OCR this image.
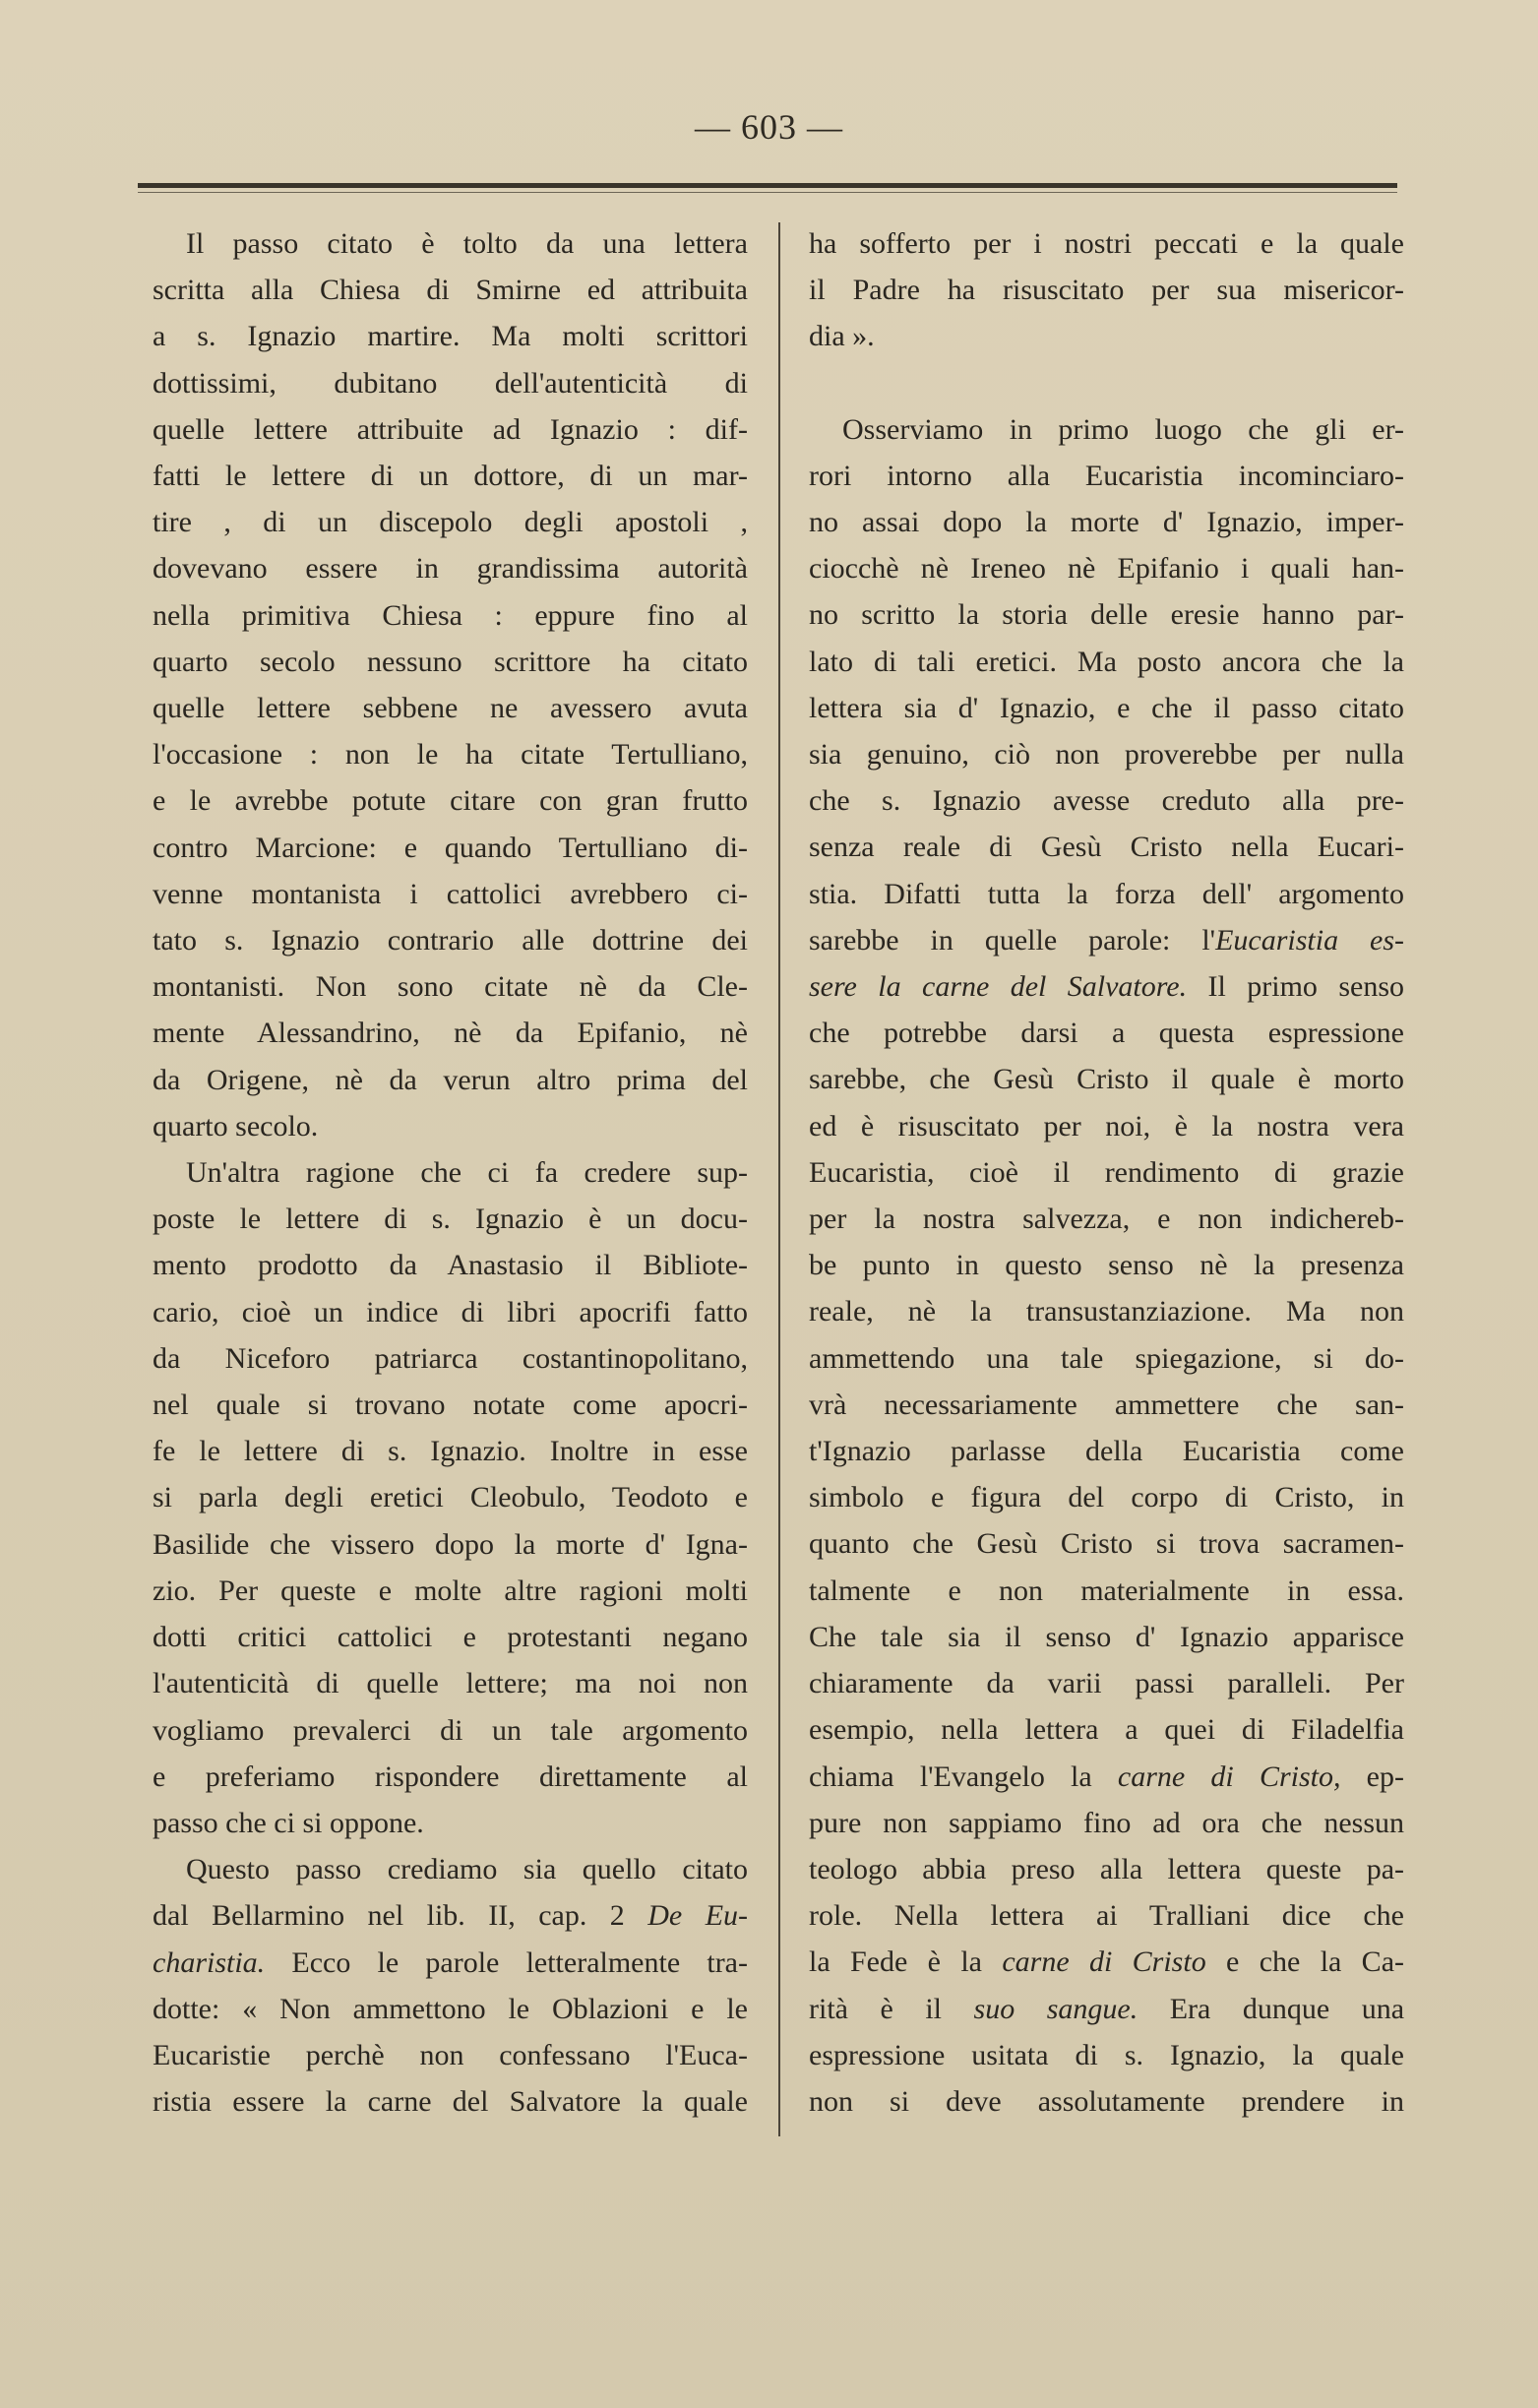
— 603 —
Il passo citato è tolto da una lettera
scritta alla Chiesa di Smirne ed attribuita
a s. Ignazio martire. Ma molti scrittori
dottissimi, dubitano dell'autenticità di
quelle lettere attribuite ad Ignazio : dif-
fatti le lettere di un dottore, di un mar-
tire , di un discepolo degli apostoli ,
dovevano essere in grandissima autorità
nella primitiva Chiesa : eppure fino al
quarto secolo nessuno scrittore ha citato
quelle lettere sebbene ne avessero avuta
l'occasione : non le ha citate Tertulliano,
e le avrebbe potute citare con gran frutto
contro Marcione: e quando Tertulliano di-
venne montanista i cattolici avrebbero ci-
tato s. Ignazio contrario alle dottrine dei
montanisti. Non sono citate nè da Cle-
mente Alessandrino, nè da Epifanio, nè
da Origene, nè da verun altro prima del
quarto secolo.
Un'altra ragione che ci fa credere sup-
poste le lettere di s. Ignazio è un docu-
mento prodotto da Anastasio il Bibliote-
cario, cioè un indice di libri apocrifi fatto
da Niceforo patriarca costantinopolitano,
nel quale si trovano notate come apocri-
fe le lettere di s. Ignazio. Inoltre in esse
si parla degli eretici Cleobulo, Teodoto e
Basilide che vissero dopo la morte d' Igna-
zio. Per queste e molte altre ragioni molti
dotti critici cattolici e protestanti negano
l'autenticità di quelle lettere; ma noi non
vogliamo prevalerci di un tale argomento
e preferiamo rispondere direttamente al
passo che ci si oppone.
Questo passo crediamo sia quello citato
dal Bellarmino nel lib. II, cap. 2 De Eu-
charistia. Ecco le parole letteralmente tra-
dotte: « Non ammettono le Oblazioni e le
Eucaristie perchè non confessano l'Euca-
ristia essere la carne del Salvatore la quale
ha sofferto per i nostri peccati e la quale
il Padre ha risuscitato per sua misericor-
dia ».
Osserviamo in primo luogo che gli er-
rori intorno alla Eucaristia incominciaro-
no assai dopo la morte d' Ignazio, imper-
ciocchè nè Ireneo nè Epifanio i quali han-
no scritto la storia delle eresie hanno par-
lato di tali eretici. Ma posto ancora che la
lettera sia d' Ignazio, e che il passo citato
sia genuino, ciò non proverebbe per nulla
che s. Ignazio avesse creduto alla pre-
senza reale di Gesù Cristo nella Eucari-
stia. Difatti tutta la forza dell' argomento
sarebbe in quelle parole: l'Eucaristia es-
sere la carne del Salvatore. Il primo senso
che potrebbe darsi a questa espressione
sarebbe, che Gesù Cristo il quale è morto
ed è risuscitato per noi, è la nostra vera
Eucaristia, cioè il rendimento di grazie
per la nostra salvezza, e non indichereb-
be punto in questo senso nè la presenza
reale, nè la transustanziazione. Ma non
ammettendo una tale spiegazione, si do-
vrà necessariamente ammettere che san-
t'Ignazio parlasse della Eucaristia come
simbolo e figura del corpo di Cristo, in
quanto che Gesù Cristo si trova sacramen-
talmente e non materialmente in essa.
Che tale sia il senso d' Ignazio apparisce
chiaramente da varii passi paralleli. Per
esempio, nella lettera a quei di Filadelfia
chiama l'Evangelo la carne di Cristo, ep-
pure non sappiamo fino ad ora che nessun
teologo abbia preso alla lettera queste pa-
role. Nella lettera ai Tralliani dice che
la Fede è la carne di Cristo e che la Ca-
rità è il suo sangue. Era dunque una
espressione usitata di s. Ignazio, la quale
non si deve assolutamente prendere in
